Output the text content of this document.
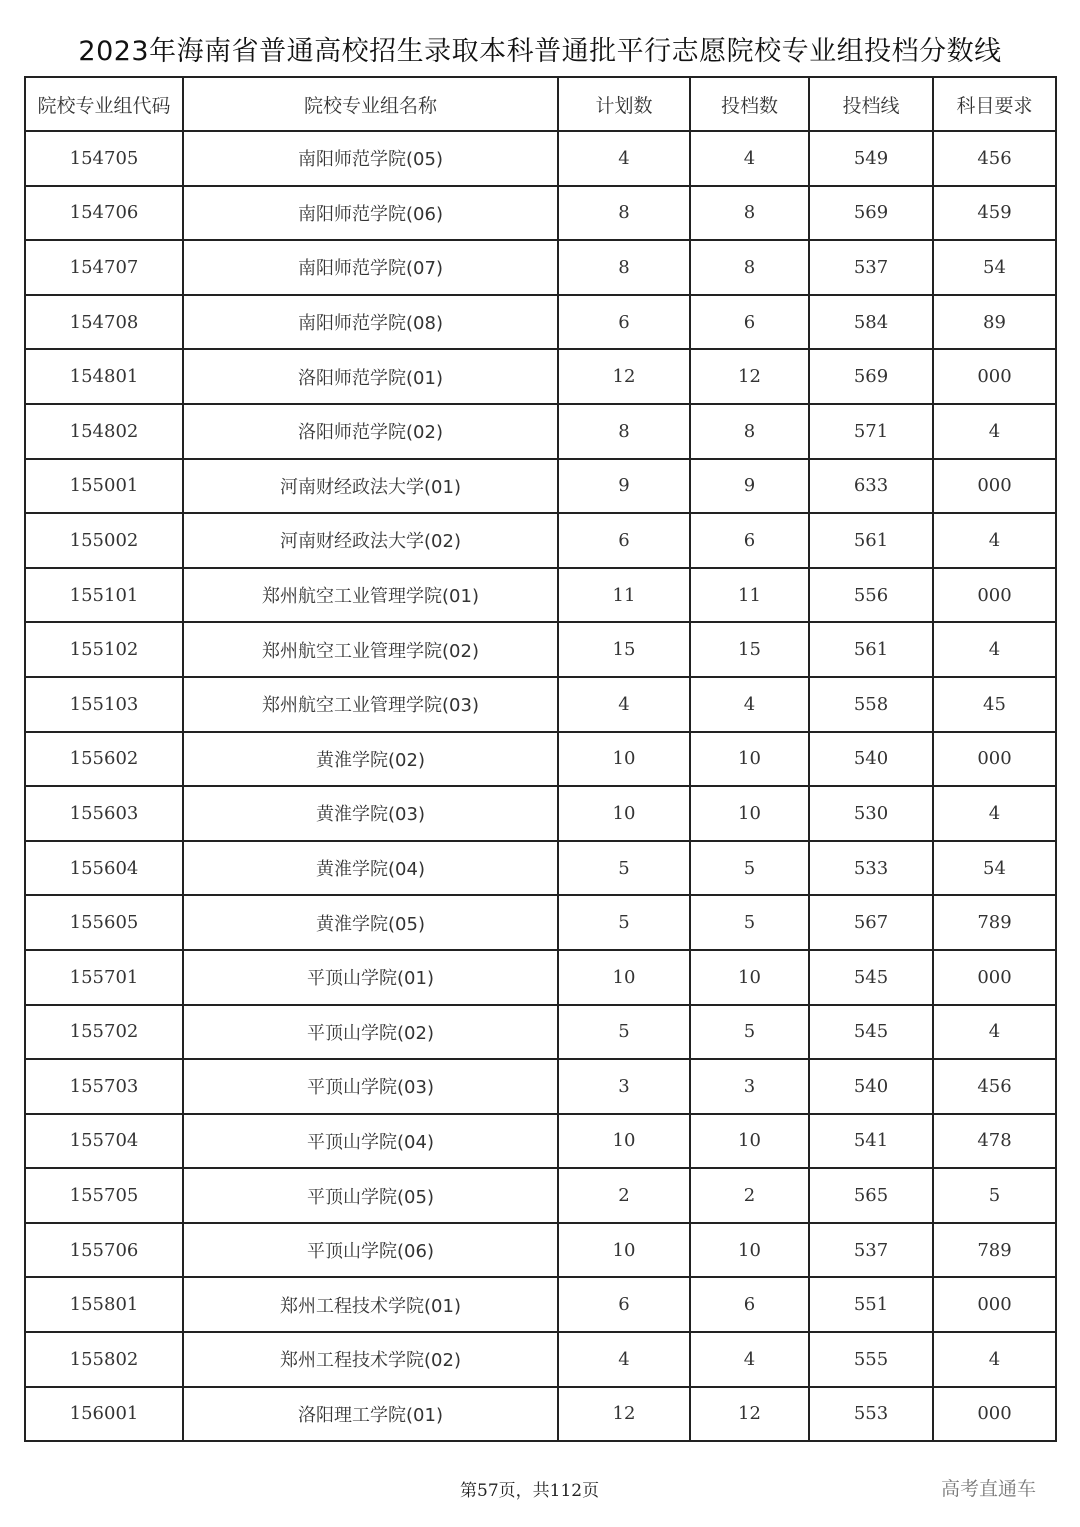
2023年海南省普通高校招生录取本科普通批平行志愿院校专业组投档分数线
院校专业组代码	院校专业组名称	计划数	投档数	投档线	科目要求
154705	南阳师范学院(05)	4	4	549	456
154706	南阳师范学院(06)	8	8	569	459
154707	南阳师范学院(07)	8	8	537	54
154708	南阳师范学院(08)	6	6	584	89
154801	洛阳师范学院(01)	12	12	569	000
154802	洛阳师范学院(02)	8	8	571	4
155001	河南财经政法大学(01)	9	9	633	000
155002	河南财经政法大学(02)	6	6	561	4
155101	郑州航空工业管理学院(01)	11	11	556	000
155102	郑州航空工业管理学院(02)	15	15	561	4
155103	郑州航空工业管理学院(03)	4	4	558	45
155602	黄淮学院(02)	10	10	540	000
155603	黄淮学院(03)	10	10	530	4
155604	黄淮学院(04)	5	5	533	54
155605	黄淮学院(05)	5	5	567	789
155701	平顶山学院(01)	10	10	545	000
155702	平顶山学院(02)	5	5	545	4
155703	平顶山学院(03)	3	3	540	456
155704	平顶山学院(04)	10	10	541	478
155705	平顶山学院(05)	2	2	565	5
155706	平顶山学院(06)	10	10	537	789
155801	郑州工程技术学院(01)	6	6	551	000
155802	郑州工程技术学院(02)	4	4	555	4
156001	洛阳理工学院(01)	12	12	553	000
第57页，共112页	高考直通车
